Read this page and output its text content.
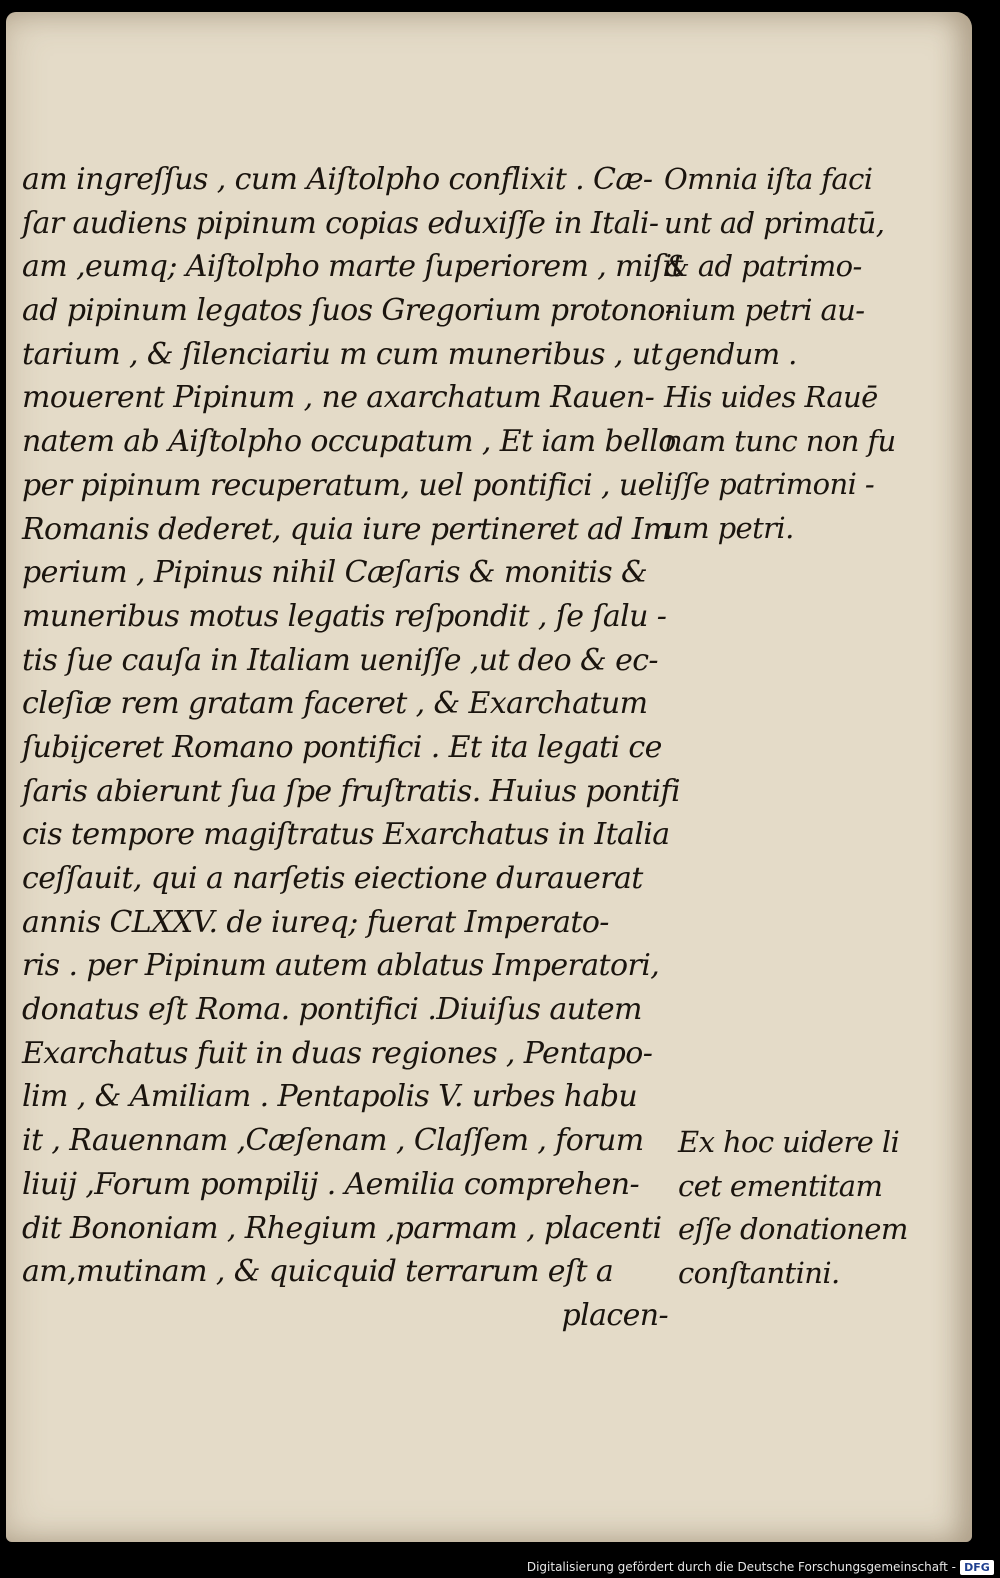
am ingreſſus , cum Aiſtolpho conflixit . Cæ-
ſar audiens pipinum copias eduxiſſe in Itali-
am ,eumq; Aiſtolpho marte ſuperiorem , miſit
ad pipinum legatos ſuos Gregorium protono-
tarium , & ſilenciariu m cum muneribus , ut
mouerent Pipinum , ne axarchatum Rauen-
natem ab Aiſtolpho occupatum , Et iam bello
per pipinum recuperatum, uel pontifici , uel
Romanis dederet, quia iure pertineret ad Im
perium , Pipinus nihil Cæſaris & monitis &
muneribus motus legatis reſpondit , ſe ſalu -
tis ſue cauſa in Italiam ueniſſe ,ut deo & ec-
cleſiæ rem gratam faceret , & Exarchatum
ſubijceret Romano pontifici . Et ita legati ce
ſaris abierunt ſua ſpe fruſtratis. Huius pontifi
cis tempore magiſtratus Exarchatus in Italia
ceſſauit, qui a narſetis eiectione durauerat
annis CLXXV. de iureq; fuerat Imperato-
ris . per Pipinum autem ablatus Imperatori,
donatus eſt Roma. pontifici .Diuiſus autem
Exarchatus fuit in duas regiones , Pentapo-
lim , & Amiliam . Pentapolis V. urbes habu
it , Rauennam ,Cæſenam , Claſſem , forum
liuij ,Forum pompilij . Aemilia comprehen-
dit Bononiam , Rhegium ,parmam , placenti
am,mutinam , & quicquid terrarum eſt a
placen-
Omnia iſta faci
unt ad primatū,
& ad patrimo-
nium petri au-
gendum .
His uides Rauē
nam tunc non fu
iſſe patrimoni -
um petri.
Ex hoc uidere li
cet ementitam
eſſe donationem
conſtantini.
Digitalisierung gefördert durch die Deutsche Forschungsgemeinschaft - DFG
